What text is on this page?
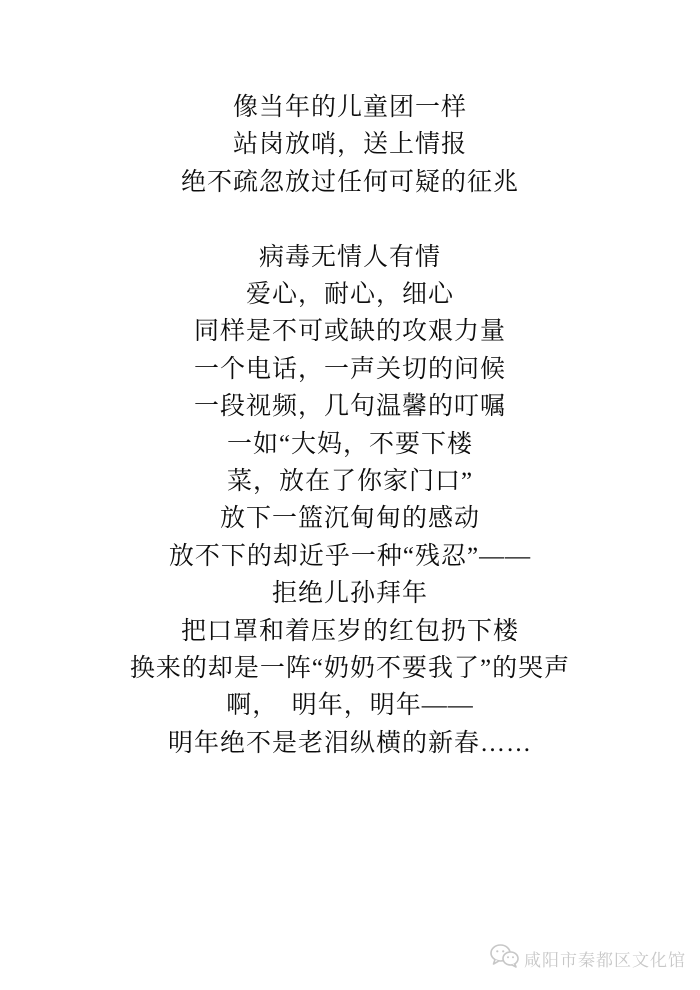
像当年的儿童团一样
站岗放哨，送上情报
绝不疏忽放过任何可疑的征兆
病毒无情人有情
爱心，耐心，细心
同样是不可或缺的攻艰力量
一个电话，一声关切的问候
一段视频，几句温馨的叮嘱
一如“大妈，不要下楼
菜，放在了你家门口”
放下一篮沉甸甸的感动
放不下的却近乎一种“残忍”——
拒绝儿孙拜年
把口罩和着压岁的红包扔下楼
换来的却是一阵“奶奶不要我了”的哭声
啊，　明年，明年——
明年绝不是老泪纵横的新春……
咸阳市秦都区文化馆
